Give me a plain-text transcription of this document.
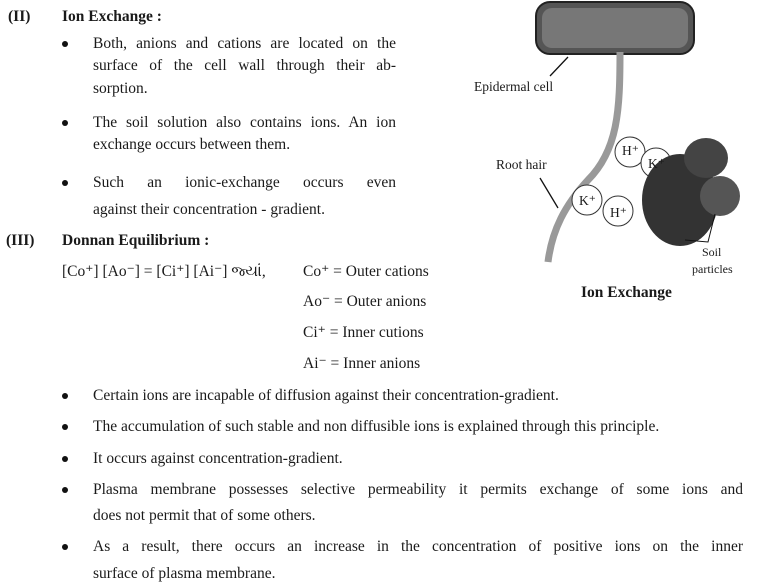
(II) Ion Exchange :
Both, anions and cations are located on the
surface of the cell wall through their ab-
sorption.
The soil solution also contains ions. An ion
exchange occurs between them.
Such an ionic-exchange occurs even
against their concentration - gradient.
(III) Donnan Equilibrium :
[Co⁺] [Ao⁻] = [Ci⁺] [Ai⁻] જ્યાં, Co⁺ = Outer cations
Ao⁻ = Outer anions
Ci⁺ = Inner cutions
Ai⁻ = Inner anions
Certain ions are incapable of diffusion against their concentration-gradient.
The accumulation of such stable and non diffusible ions is explained through this principle.
It occurs against concentration-gradient.
Plasma membrane possesses selective permeability it permits exchange of some ions and
does not permit that of some others.
As a result, there occurs an increase in the concentration of positive ions on the inner
surface of plasma membrane.
Epidermal cell
Root hair
H⁺
K⁺
K⁺
H⁺
Soil
particles
Ion Exchange
